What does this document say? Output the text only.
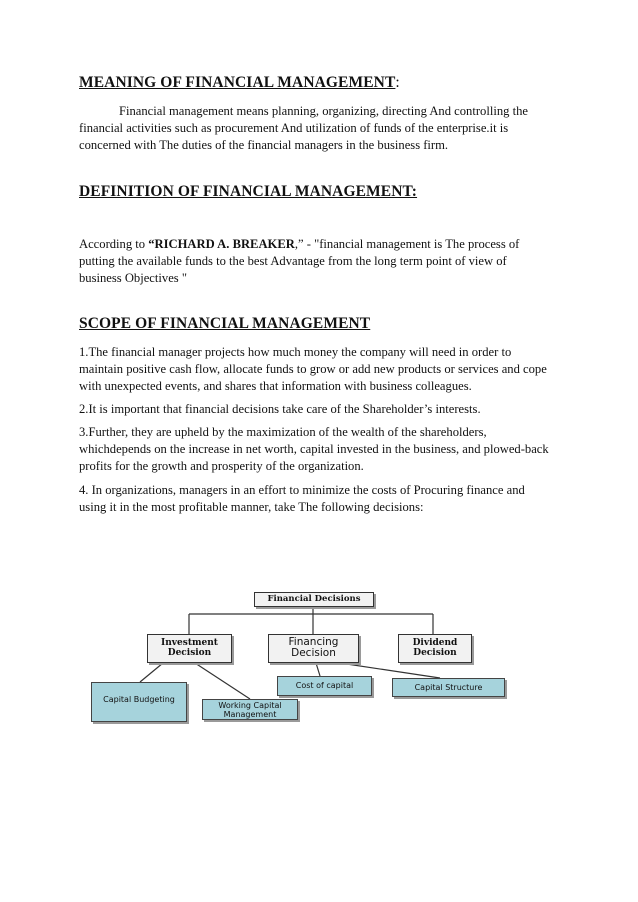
MEANING OF FINANCIAL MANAGEMENT:

Financial management means planning, organizing, directing And controlling the
financial activities such as procurement And utilization of funds of the enterprise.it is
concerned with The duties of the financial managers in the business firm.

DEFINITION OF FINANCIAL MANAGEMENT:

According to “RICHARD A. BREAKER,” - "financial management is The process of
putting the available funds to the best Advantage from the long term point of view of
business Objectives "

SCOPE OF FINANCIAL MANAGEMENT

1.The financial manager projects how much money the company will need in order to
maintain positive cash flow, allocate funds to grow or add new products or services and cope
with unexpected events, and shares that information with business colleagues.

2.It is important that financial decisions take care of the Shareholder’s interests.

3.Further, they are upheld by the maximization of the wealth of the shareholders,
whichdepends on the increase in net worth, capital invested in the business, and plowed-back
profits for the growth and prosperity of the organization.

4. In organizations, managers in an effort to minimize the costs of Procuring finance and
using it in the most profitable manner, take The following decisions:

Financial Decisions
Investment
Decision
Financing
Decision
Dividend
Decision
Capital Budgeting
Working Capital
Management
Cost of capital	Capital Structure
